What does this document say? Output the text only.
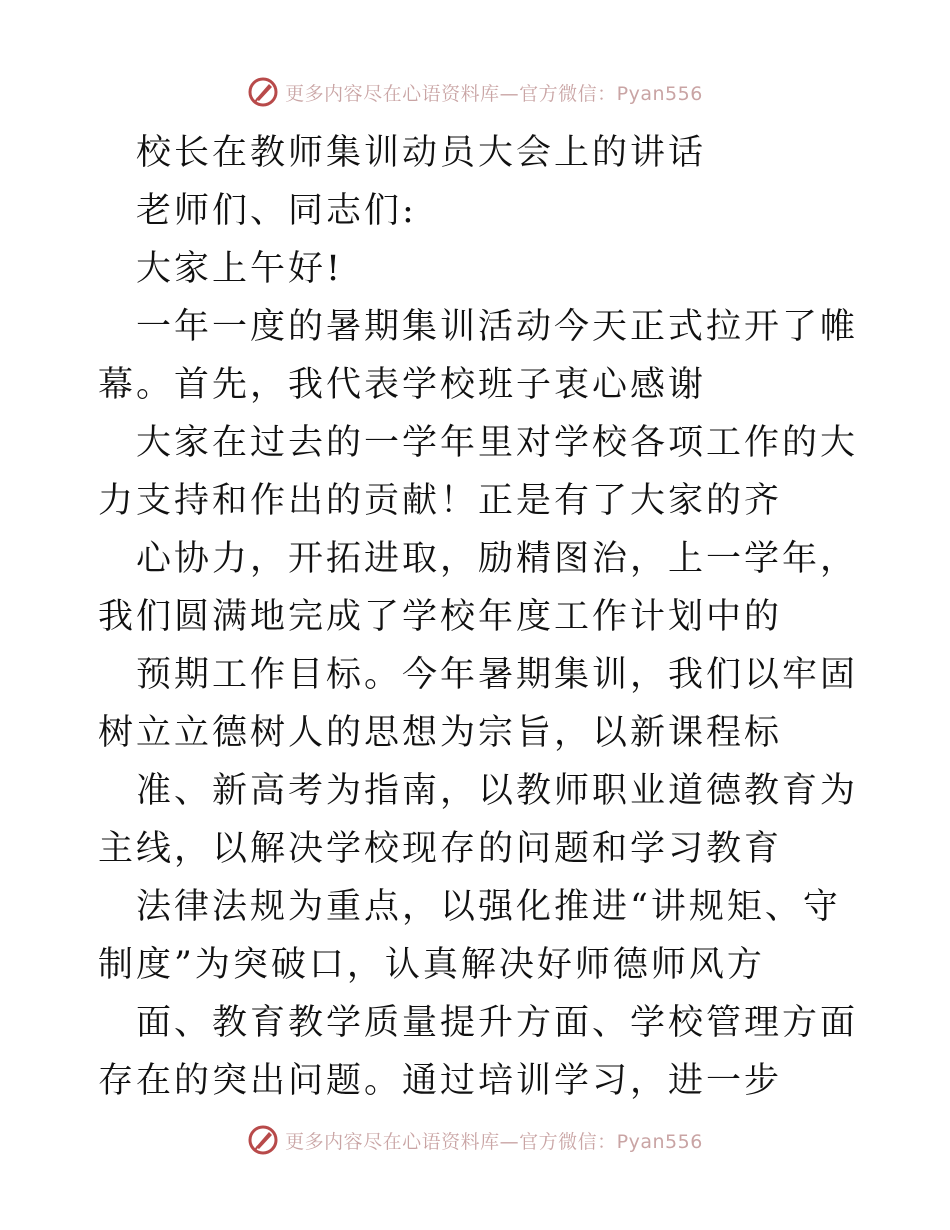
更多内容尽在心语资料库—官方微信：Pyan556

校长在教师集训动员大会上的讲话

老师们、同志们:

大家上午好!

一年一度的暑期集训活动今天正式拉开了帷幕。首先，我代表学校班子衷心感谢

大家在过去的一学年里对学校各项工作的大力支持和作出的贡献！正是有了大家的齐

心协力，开拓进取，励精图治，上一学年，我们圆满地完成了学校年度工作计划中的

预期工作目标。今年暑期集训，我们以牢固树立立德树人的思想为宗旨，以新课程标

准、新高考为指南，以教师职业道德教育为主线，以解决学校现存的问题和学习教育

法律法规为重点，以强化推进“讲规矩、守制度”为突破口，认真解决好师德师风方

面、教育教学质量提升方面、学校管理方面存在的突出问题。通过培训学习，进一步

更多内容尽在心语资料库—官方微信：Pyan556
